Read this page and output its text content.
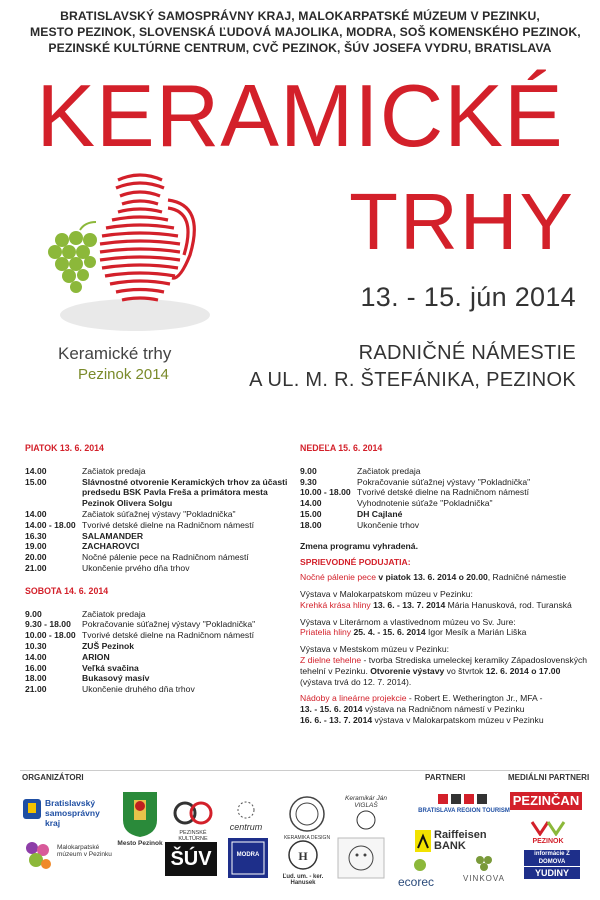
BRATISLAVSKÝ SAMOSPRÁVNY KRAJ, MALOKARPATSKÉ MÚZEUM V PEZINKU,
MESTO PEZINOK, SLOVENSKÁ ĽUDOVÁ MAJOLIKA, MODRA, SOŠ KOMENSKÉHO PEZINOK,
PEZINSKÉ KULTÚRNE CENTRUM, CVČ PEZINOK, ŠÚV JOSEFA VYDRU, BRATISLAVA
KERAMICKÉ
TRHY
Keramické trhy
Pezinok 2014
13. - 15. jún 2014
RADNIČNÉ NÁMESTIE
A UL. M. R. ŠTEFÁNIKA, PEZINOK
PIATOK 13. 6. 2014
14.00	Začiatok predaja
15.00	Slávnostné otvorenie Keramických trhov za účasti predsedu BSK Pavla Freša a primátora mesta Pezinok Olivera Solgu
14.00	Začiatok súťažnej výstavy "Pokladnička"
14.00 - 18.00 Tvorivé detské dielne na Radničnom námestí
16.30	SALAMANDER
19.00	ZACHAROVCI
20.00	Nočné pálenie pece na Radničnom námestí
21.00	Ukončenie prvého dňa trhov
SOBOTA 14. 6. 2014
9.00	Začiatok predaja
9.30 - 18.00	Pokračovanie súťažnej výstavy "Pokladnička"
10.00 - 18.00 Tvorivé detské dielne na Radničnom námestí
10.30	ZUŠ Pezinok
14.00	ARION
16.00	Veľká svačina
18.00	Bukasový masív
21.00	Ukončenie druhého dňa trhov
NEDEĽA 15. 6. 2014
9.00	Začiatok predaja
9.30	Pokračovanie súťažnej výstavy "Pokladnička"
10.00 - 18.00 Tvorivé detské dielne na Radničnom námestí
14.00	Vyhodnotenie súťaže "Pokladnička"
15.00	DH Cajlané
18.00	Ukončenie trhov
Zmena programu vyhradená.
SPRIEVODNÉ PODUJATIA:
Nočné pálenie pece v piatok 13. 6. 2014 o 20.00, Radničné námestie
Výstava v Malokarpatskom múzeu v Pezinku:
Krehká krása hliny 13. 6. - 13. 7. 2014 Mária Hanusková, rod. Turanská
Výstava v Literárnom a vlastivednom múzeu vo Sv. Jure:
Priatelia hliny 25. 4. - 15. 6. 2014 Igor Mesík a Marián Liška
Výstava v Mestskom múzeu v Pezinku:
Z dielne tehelne - tvorba Strediska umeleckej keramiky Západoslovenských tehelní v Pezinku. Otvorenie výstavy vo štvrtok 12. 6. 2014 o 17.00 (výstava trvá do 12. 7. 2014).
Nádoby a lineárne projekcie - Robert E. Wetherington Jr., MFA -
13. - 15. 6. 2014 výstava na Radničnom námestí v Pezinku
16. 6. - 13. 7. 2014 výstava v Malokarpatskom múzeu v Pezinku
ORGANIZÁTORI	PARTNERI	MEDIÁLNI PARTNERI
Bratislavský samosprávny kraj
Mesto Pezinok
PEZINSKÉ KULTÚRNE
centrum
KERAMIKA DESIGN
Keramikár Ján VIGLAŠ
Malokarpatské múzeum v Pezinku	ŠÚV	MODRA	H
Ľud. um. - ker. Hanusek
BRATISLAVA REGION TOURISM
Raiffeisen BANK
ecorec	VINKOVA
PEZINČAN
PEZINOK
informácie Z DOMOVA
YUDINY
